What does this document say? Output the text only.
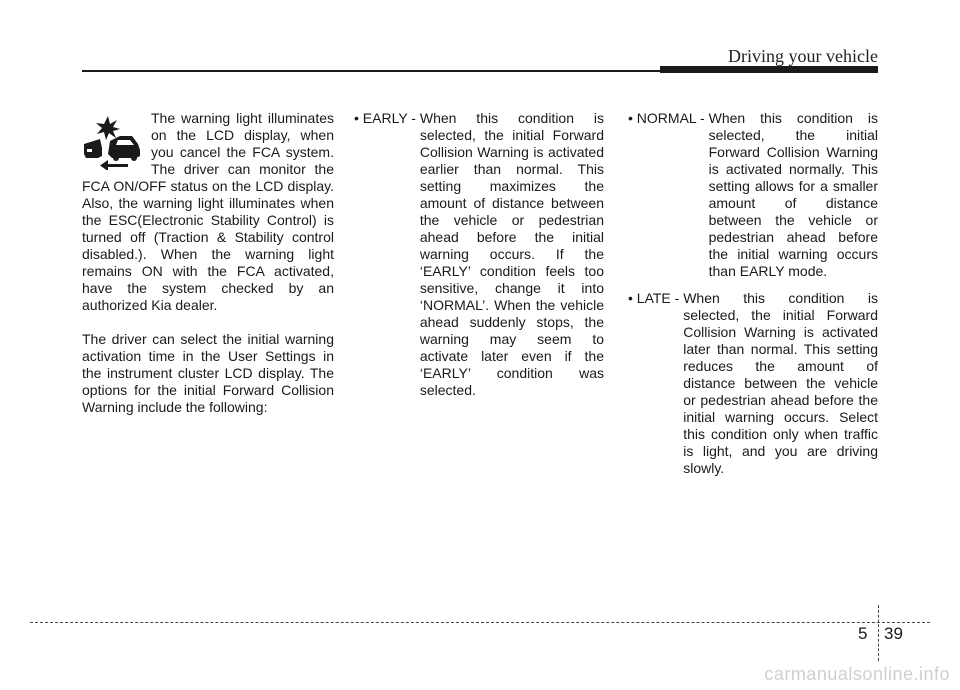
Driving your vehicle

The warning light illuminates on the LCD display, when you cancel the FCA system. The driver can monitor the FCA ON/OFF status on the LCD display. Also, the warning light illuminates when the ESC(Electronic Stability Control) is turned off (Traction & Stability control disabled.). When the warning light remains ON with the FCA activated, have the system checked by an authorized Kia dealer.

The driver can select the initial warning activation time in the User Settings in the instrument cluster LCD display. The options for the initial Forward Collision Warning include the following:

• EARLY - When this condition is selected, the initial Forward Collision Warning is activated earlier than normal. This setting maximizes the amount of distance between the vehicle or pedestrian ahead before the initial warning occurs. If the ‘EARLY’ condition feels too sensitive, change it into ‘NORMAL’. When the vehicle ahead suddenly stops, the warning may seem to activate later even if the ‘EARLY’ condition was selected.
• NORMAL - When this condition is selected, the initial Forward Collision Warning is activated normally. This setting allows for a smaller amount of distance between the vehicle or pedestrian ahead before the initial warning occurs than EARLY mode.
• LATE - When this condition is selected, the initial Forward Collision Warning is activated later than normal. This setting reduces the amount of distance between the vehicle or pedestrian ahead before the initial warning occurs. Select this condition only when traffic is light, and you are driving slowly.
5 39
carmanualsonline.info
